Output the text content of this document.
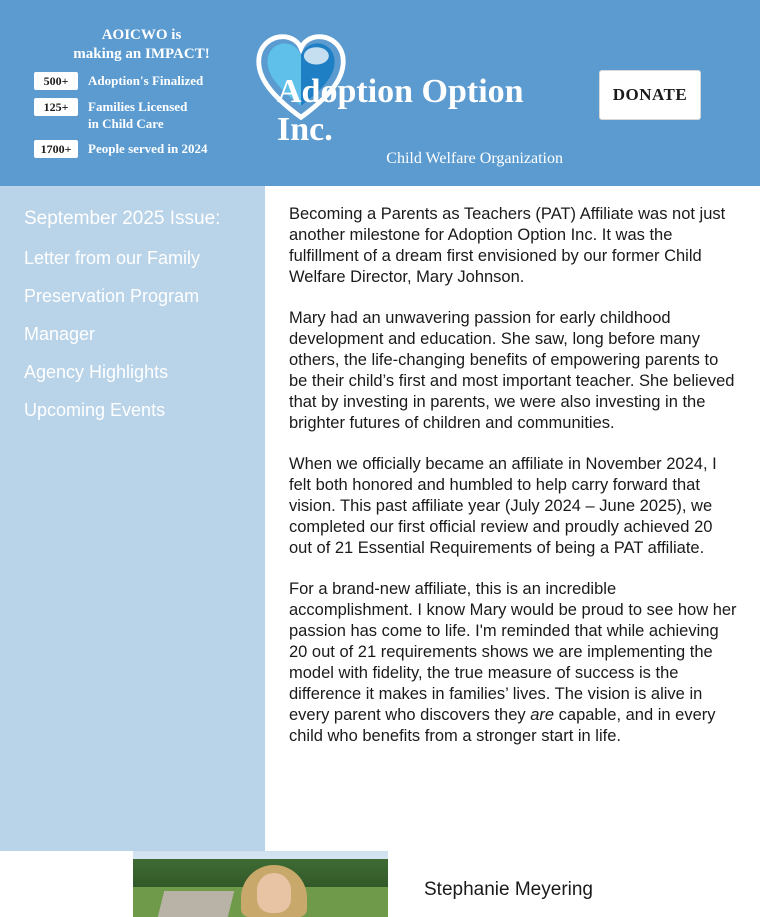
AOICWO is
making an IMPACT!
500+	Adoption's Finalized
125+	Families Licensed
in Child Care
1700+	People served in 2024
Adoption Option Inc.
Child Welfare Organization
DONATE
September 2025 Issue:
Letter from our Family
Preservation Program
Manager
Agency Highlights
Upcoming Events

Becoming a Parents as Teachers (PAT) Affiliate was not just another milestone for Adoption Option Inc. It was the fulfillment of a dream first envisioned by our former Child Welfare Director, Mary Johnson.

Mary had an unwavering passion for early childhood development and education. She saw, long before many others, the life-changing benefits of empowering parents to be their child’s first and most important teacher. She believed that by investing in parents, we were also investing in the brighter futures of children and communities.

When we officially became an affiliate in November 2024, I felt both honored and humbled to help carry forward that vision. This past affiliate year (July 2024 – June 2025), we completed our first official review and proudly achieved 20 out of 21 Essential Requirements of being a PAT affiliate.

For a brand-new affiliate, this is an incredible accomplishment. I know Mary would be proud to see how her passion has come to life. I'm reminded that while achieving 20 out of 21 requirements shows we are implementing the model with fidelity, the true measure of success is the difference it makes in families’ lives. The vision is alive in every parent who discovers they are capable, and in every child who benefits from a stronger start in life.

Stephanie Meyering
